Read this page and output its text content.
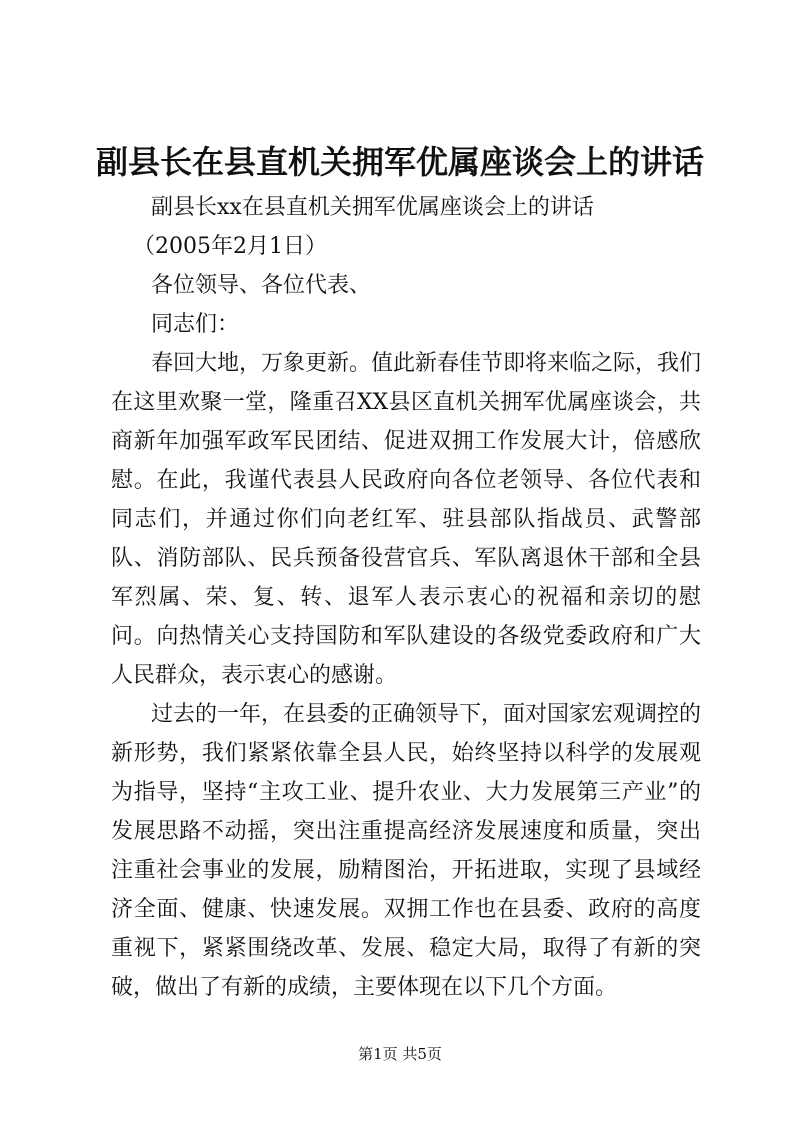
副县长在县直机关拥军优属座谈会上的讲话

副县长xx在县直机关拥军优属座谈会上的讲话

（2005年2月1日）

各位领导、各位代表、

同志们：

春回大地，万象更新。值此新春佳节即将来临之际，我们在这里欢聚一堂，隆重召XX县区直机关拥军优属座谈会，共商新年加强军政军民团结、促进双拥工作发展大计，倍感欣慰。在此，我谨代表县人民政府向各位老领导、各位代表和同志们，并通过你们向老红军、驻县部队指战员、武警部队、消防部队、民兵预备役营官兵、军队离退休干部和全县军烈属、荣、复、转、退军人表示衷心的祝福和亲切的慰问。向热情关心支持国防和军队建设的各级党委政府和广大人民群众，表示衷心的感谢。

过去的一年，在县委的正确领导下，面对国家宏观调控的新形势，我们紧紧依靠全县人民，始终坚持以科学的发展观为指导，坚持“主攻工业、提升农业、大力发展第三产业”的发展思路不动摇，突出注重提高经济发展速度和质量，突出注重社会事业的发展，励精图治，开拓进取，实现了县域经济全面、健康、快速发展。双拥工作也在县委、政府的高度重视下，紧紧围绕改革、发展、稳定大局，取得了有新的突破，做出了有新的成绩，主要体现在以下几个方面。

第1页 共5页
